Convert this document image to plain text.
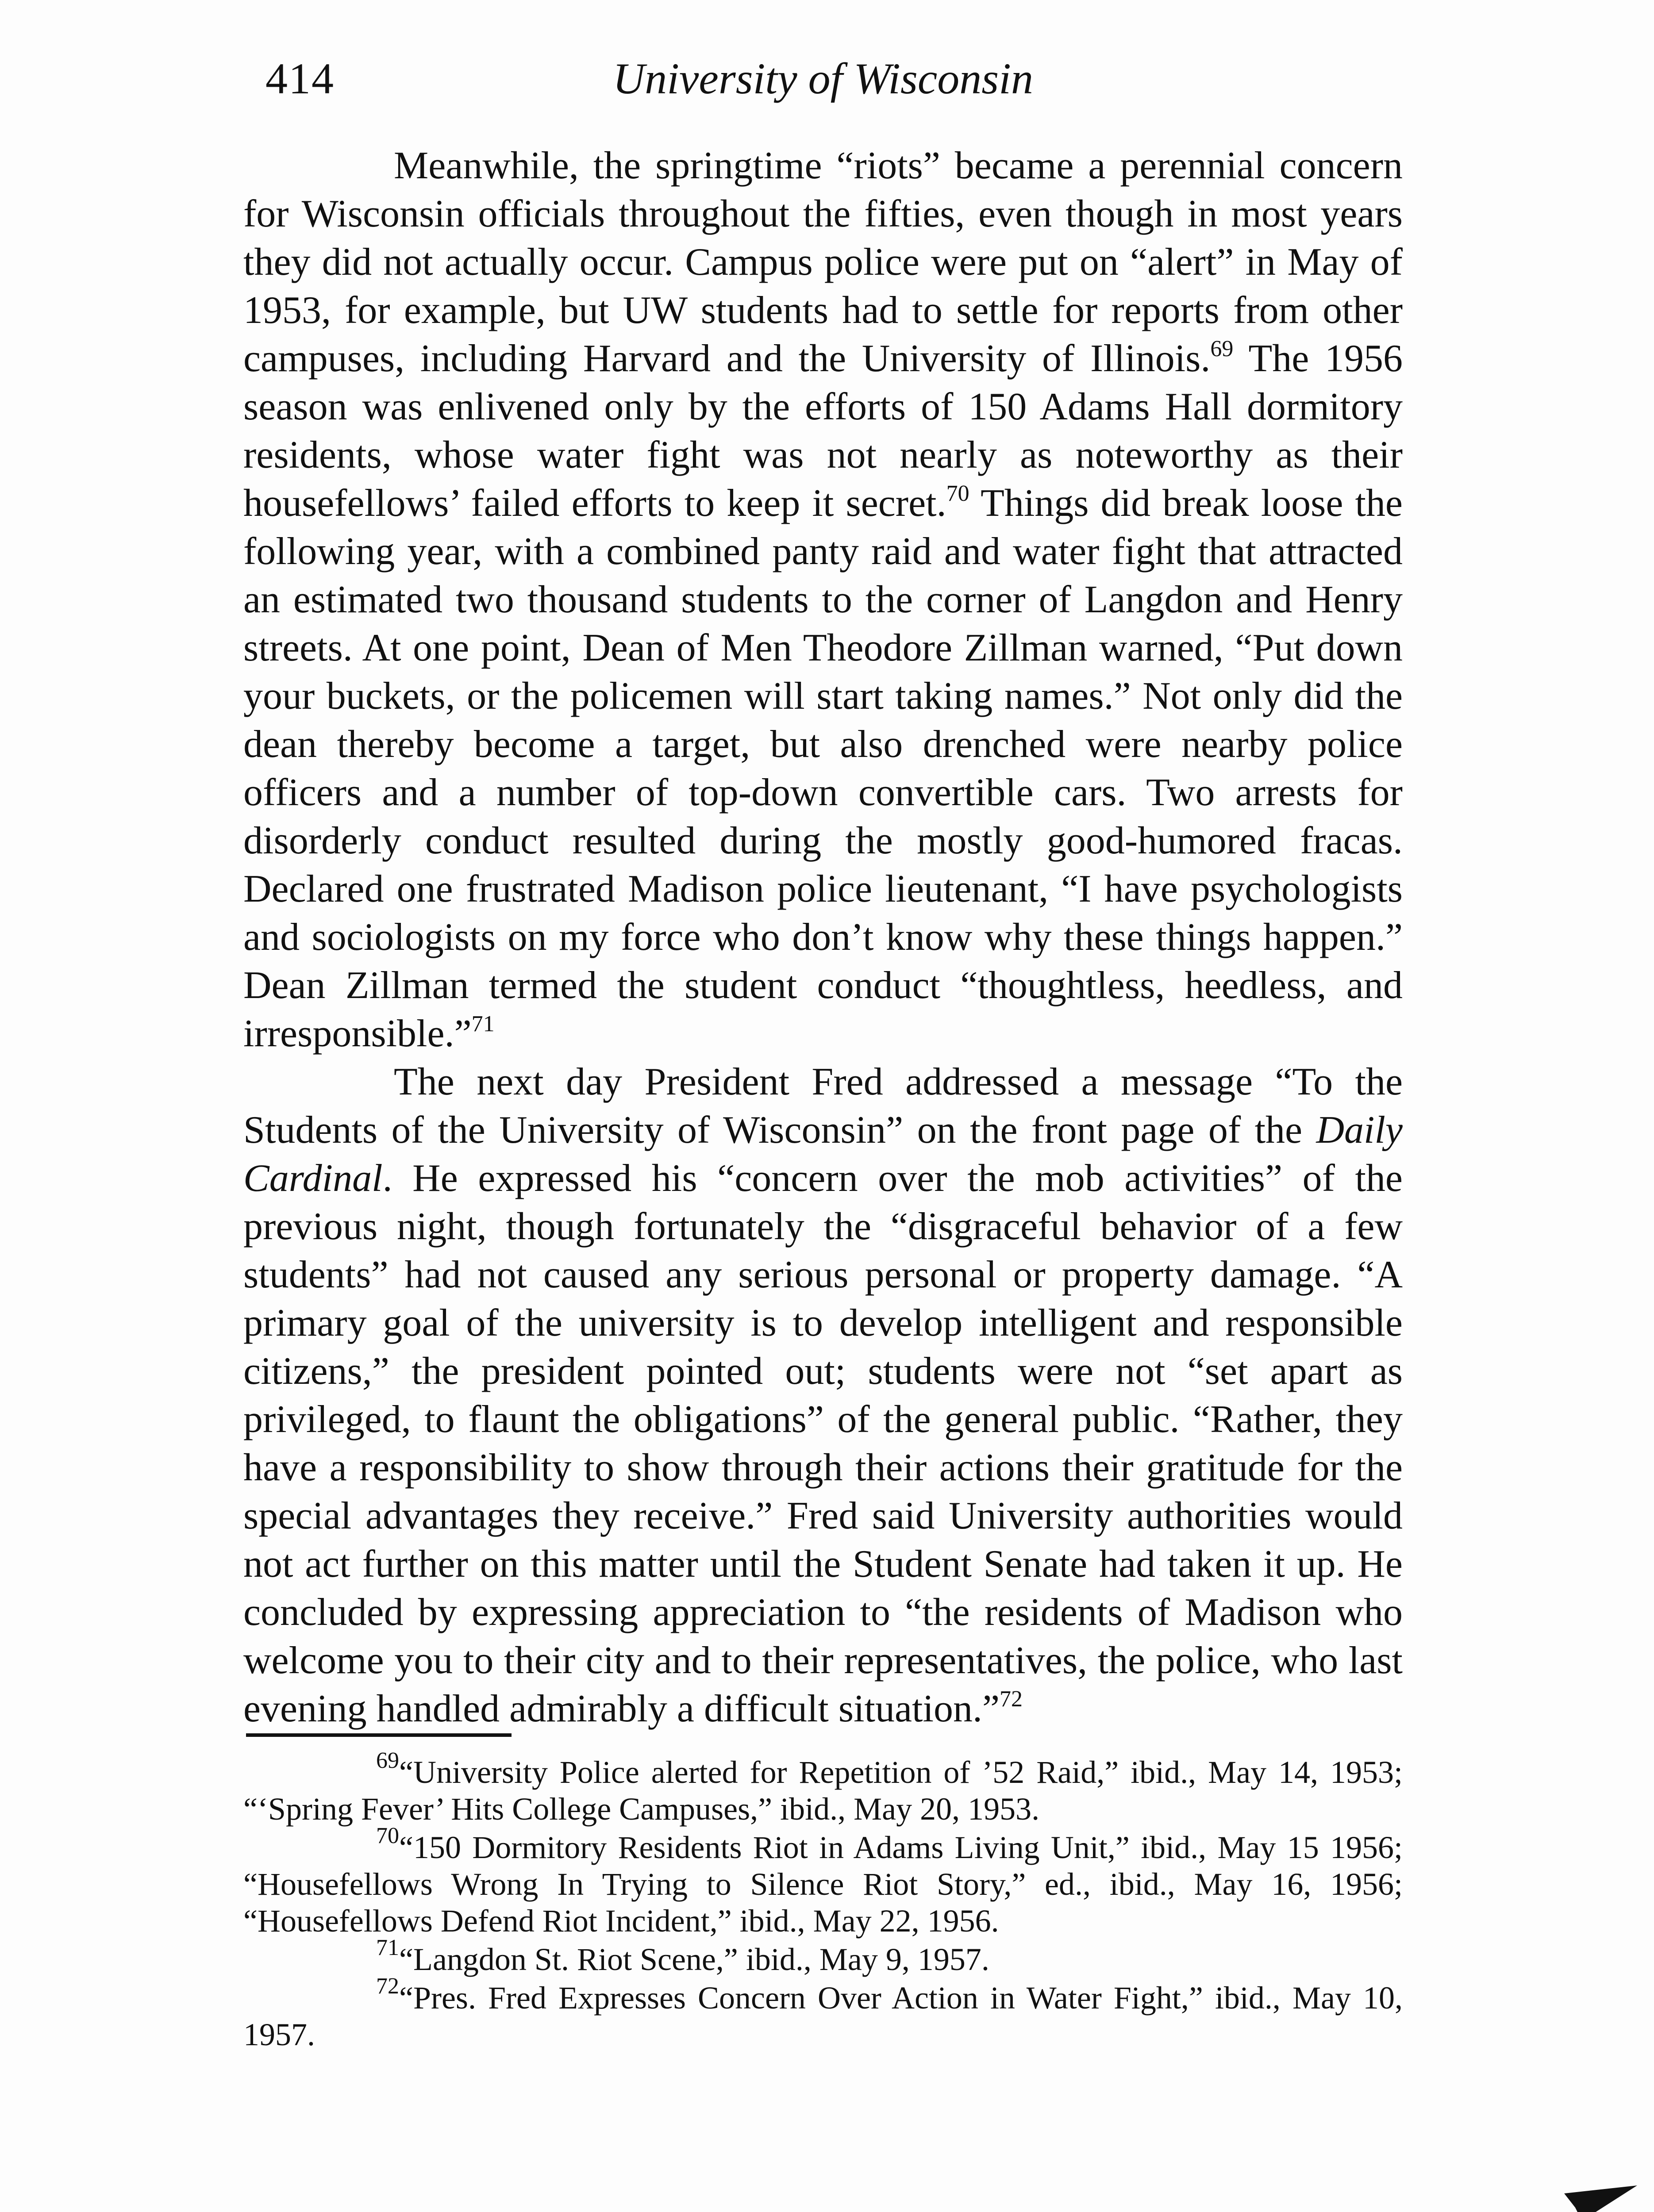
414	University of Wisconsin

Meanwhile, the springtime “riots” became a perennial concern for Wisconsin officials throughout the fifties, even though in most years they did not actually occur. Campus police were put on “alert” in May of 1953, for example, but UW students had to settle for reports from other campuses, including Harvard and the University of Illinois.$^{69}$ The 1956 season was enlivened only by the efforts of 150 Adams Hall dormitory residents, whose water fight was not nearly as noteworthy as their housefellows’ failed efforts to keep it secret.$^{70}$ Things did break loose the following year, with a combined panty raid and water fight that attracted an estimated two thousand students to the corner of Langdon and Henry streets. At one point, Dean of Men Theodore Zillman warned, “Put down your buckets, or the policemen will start taking names.” Not only did the dean thereby become a target, but also drenched were nearby police officers and a number of top-down convertible cars. Two arrests for disorderly conduct resulted during the mostly good-humored fracas. Declared one frustrated Madison police lieutenant, “I have psychologists and sociologists on my force who don’t know why these things happen.” Dean Zillman termed the student conduct “thoughtless, heedless, and irresponsible.”$^{71}$

The next day President Fred addressed a message “To the Students of the University of Wisconsin” on the front page of the Daily Cardinal. He expressed his “concern over the mob activities” of the previous night, though fortunately the “disgraceful behavior of a few students” had not caused any serious personal or property damage. “A primary goal of the university is to develop intelligent and responsible citizens,” the president pointed out; students were not “set apart as privileged, to flaunt the obligations” of the general public. “Rather, they have a responsibility to show through their actions their gratitude for the special advantages they receive.” Fred said University authorities would not act further on this matter until the Student Senate had taken it up. He concluded by expressing appreciation to “the residents of Madison who welcome you to their city and to their representatives, the police, who last evening handled admirably a difficult situation.”$^{72}$

$^{69}$“University Police alerted for Repetition of ’52 Raid,” ibid., May 14, 1953; “‘Spring Fever’ Hits College Campuses,” ibid., May 20, 1953.

$^{70}$“150 Dormitory Residents Riot in Adams Living Unit,” ibid., May 15 1956; “Housefellows Wrong In Trying to Silence Riot Story,” ed., ibid., May 16, 1956; “Housefellows Defend Riot Incident,” ibid., May 22, 1956.

$^{71}$“Langdon St. Riot Scene,” ibid., May 9, 1957.

$^{72}$“Pres. Fred Expresses Concern Over Action in Water Fight,” ibid., May 10, 1957.
